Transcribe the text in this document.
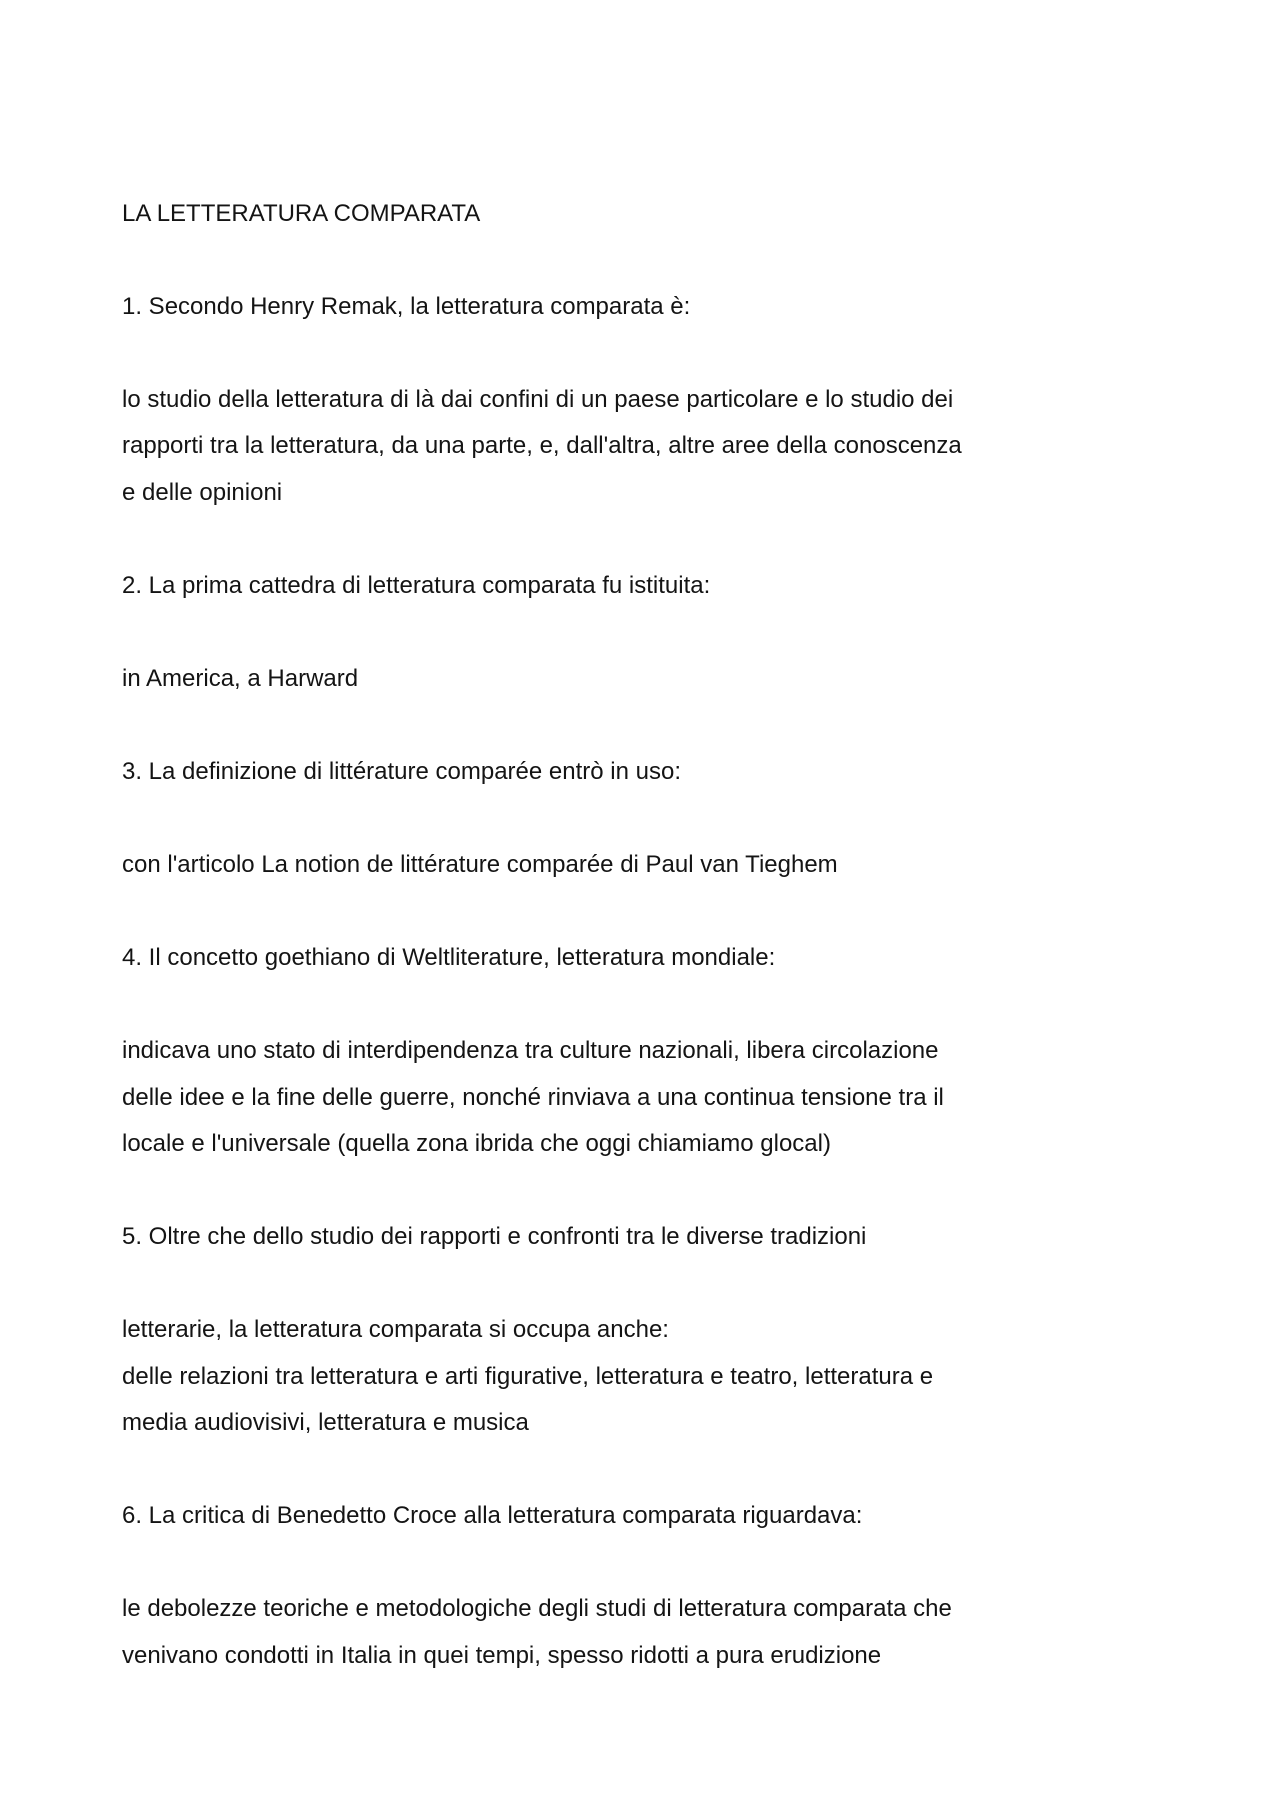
LA LETTERATURA COMPARATA

1. Secondo Henry Remak, la letteratura comparata è:

lo studio della letteratura di là dai confini di un paese particolare e lo studio dei

rapporti tra la letteratura, da una parte, e, dall'altra, altre aree della conoscenza

e delle opinioni

2. La prima cattedra di letteratura comparata fu istituita:

in America, a Harward

3. La definizione di littérature comparée entrò in uso:

con l'articolo La notion de littérature comparée di Paul van Tieghem

4. Il concetto goethiano di Weltliterature, letteratura mondiale:

indicava uno stato di interdipendenza tra culture nazionali, libera circolazione

delle idee e la fine delle guerre, nonché rinviava a una continua tensione tra il

locale e l'universale (quella zona ibrida che oggi chiamiamo glocal)

5. Oltre che dello studio dei rapporti e confronti tra le diverse tradizioni

letterarie, la letteratura comparata si occupa anche:

delle relazioni tra letteratura e arti figurative, letteratura e teatro, letteratura e

media audiovisivi, letteratura e musica

6. La critica di Benedetto Croce alla letteratura comparata riguardava:

le debolezze teoriche e metodologiche degli studi di letteratura comparata che

venivano condotti in Italia in quei tempi, spesso ridotti a pura erudizione
